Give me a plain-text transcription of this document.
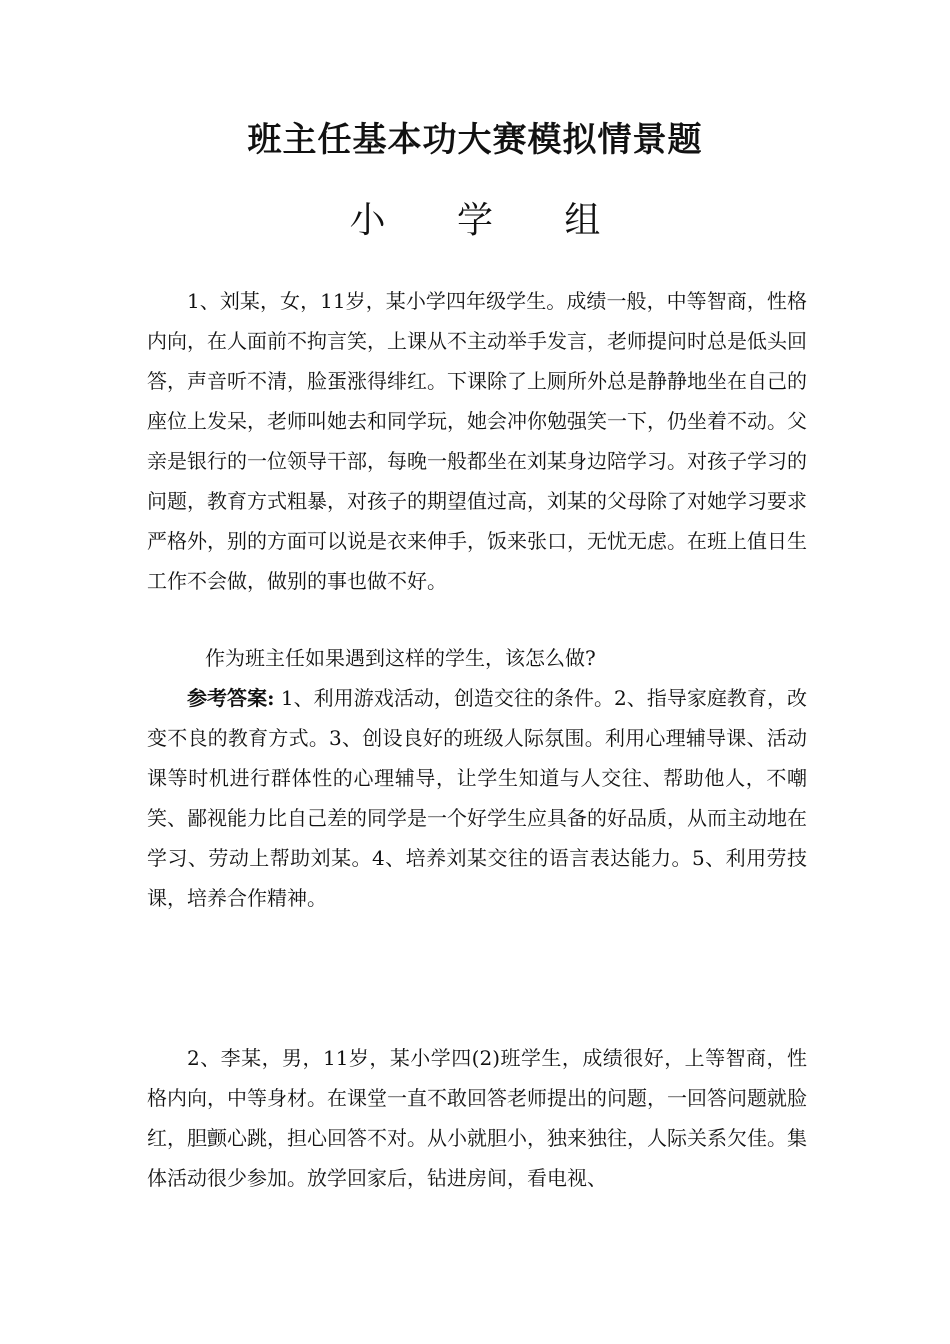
班主任基本功大赛模拟情景题
小 学 组

1、刘某，女，11岁，某小学四年级学生。成绩一般，中等智商，性格内向，在人面前不拘言笑，上课从不主动举手发言，老师提问时总是低头回答，声音听不清，脸蛋涨得绯红。下课除了上厕所外总是静静地坐在自己的座位上发呆，老师叫她去和同学玩，她会冲你勉强笑一下，仍坐着不动。父亲是银行的一位领导干部，每晚一般都坐在刘某身边陪学习。对孩子学习的问题，教育方式粗暴，对孩子的期望值过高，刘某的父母除了对她学习要求严格外，别的方面可以说是衣来伸手，饭来张口，无忧无虑。在班上值日生工作不会做，做别的事也做不好。

作为班主任如果遇到这样的学生，该怎么做?

参考答案: 1、利用游戏活动，创造交往的条件。2、指导家庭教育，改变不良的教育方式。3、创设良好的班级人际氛围。利用心理辅导课、活动课等时机进行群体性的心理辅导，让学生知道与人交往、帮助他人，不嘲笑、鄙视能力比自己差的同学是一个好学生应具备的好品质，从而主动地在学习、劳动上帮助刘某。4、培养刘某交往的语言表达能力。5、利用劳技课，培养合作精神。

2、李某，男，11岁，某小学四(2)班学生，成绩很好，上等智商，性格内向，中等身材。在课堂一直不敢回答老师提出的问题，一回答问题就脸红，胆颤心跳，担心回答不对。从小就胆小，独来独往，人际关系欠佳。集体活动很少参加。放学回家后，钻进房间，看电视、
